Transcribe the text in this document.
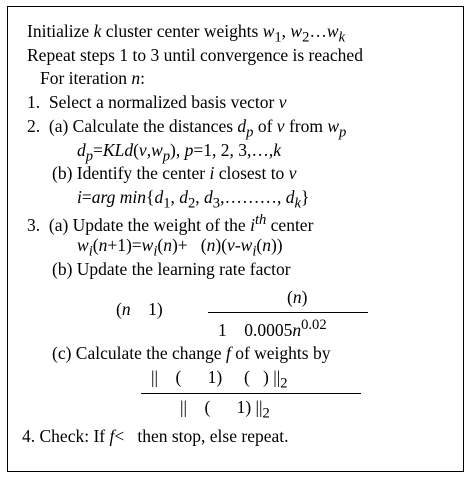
Initialize k cluster center weights $w_1$, $w_2\dots w_k$
Repeat steps 1 to 3 until convergence is reached
For iteration n:
1.  Select a normalized basis vector v
2.  (a) Calculate the distances $d_p$ of v from $w_p$
$d_p=KLd(v,w_p)$, p=1, 2, 3,…,k
(b) Identify the center i closest to v
i=arg $\min\{d_1$, $d_2$, $d_3,\dots\dots\dots$, $d_k$}
3.  (a) Update the weight of the $i^{th}$ center
$w_i(n+1)=w_i(n)+ (n)(v-w_i(n))$
(b) Update the learning rate factor
(n    1)
(n)
1    $0.0005n^{0.02}$
(c) Calculate the change f of weights by
||    (      1)     (   ) $||_2$
||    (      1) $||_2$
4. Check: If f<   then stop, else repeat.
